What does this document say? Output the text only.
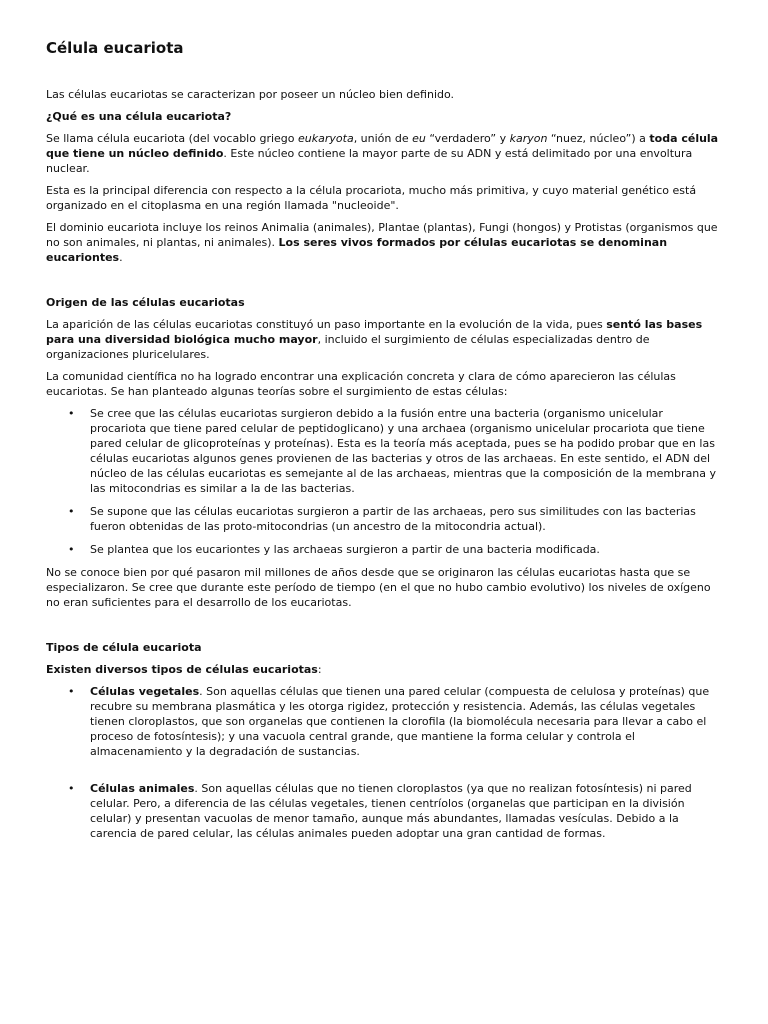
Célula eucariota

Las células eucariotas se caracterizan por poseer un núcleo bien definido.

¿Qué es una célula eucariota?

Se llama célula eucariota (del vocablo griego eukaryota, unión de eu “verdadero” y karyon “nuez, núcleo”) a toda célula que tiene un núcleo definido. Este núcleo contiene la mayor parte de su ADN y está delimitado por una envoltura nuclear.

Esta es la principal diferencia con respecto a la célula procariota, mucho más primitiva, y cuyo material genético está organizado en el citoplasma en una región llamada "nucleoide".

El dominio eucariota incluye los reinos Animalia (animales), Plantae (plantas), Fungi (hongos) y Protistas (organismos que no son animales, ni plantas, ni animales). Los seres vivos formados por células eucariotas se denominan eucariontes.

Origen de las células eucariotas

La aparición de las células eucariotas constituyó un paso importante en la evolución de la vida, pues sentó las bases para una diversidad biológica mucho mayor, incluido el surgimiento de células especializadas dentro de organizaciones pluricelulares.

La comunidad científica no ha logrado encontrar una explicación concreta y clara de cómo aparecieron las células eucariotas. Se han planteado algunas teorías sobre el surgimiento de estas células:

• Se cree que las células eucariotas surgieron debido a la fusión entre una bacteria (organismo unicelular procariota que tiene pared celular de peptidoglicano) y una archaea (organismo unicelular procariota que tiene pared celular de glicoproteínas y proteínas). Esta es la teoría más aceptada, pues se ha podido probar que en las células eucariotas algunos genes provienen de las bacterias y otros de las archaeas. En este sentido, el ADN del núcleo de las células eucariotas es semejante al de las archaeas, mientras que la composición de la membrana y las mitocondrias es similar a la de las bacterias.
• Se supone que las células eucariotas surgieron a partir de las archaeas, pero sus similitudes con las bacterias fueron obtenidas de las proto-mitocondrias (un ancestro de la mitocondria actual).
• Se plantea que los eucariontes y las archaeas surgieron a partir de una bacteria modificada.

No se conoce bien por qué pasaron mil millones de años desde que se originaron las células eucariotas hasta que se especializaron. Se cree que durante este período de tiempo (en el que no hubo cambio evolutivo) los niveles de oxígeno no eran suficientes para el desarrollo de los eucariotas.

Tipos de célula eucariota

Existen diversos tipos de células eucariotas:

• Células vegetales. Son aquellas células que tienen una pared celular (compuesta de celulosa y proteínas) que recubre su membrana plasmática y les otorga rigidez, protección y resistencia. Además, las células vegetales tienen cloroplastos, que son organelas que contienen la clorofila (la biomolécula necesaria para llevar a cabo el proceso de fotosíntesis); y una vacuola central grande, que mantiene la forma celular y controla el almacenamiento y la degradación de sustancias.
• Células animales. Son aquellas células que no tienen cloroplastos (ya que no realizan fotosíntesis) ni pared celular. Pero, a diferencia de las células vegetales, tienen centríolos (organelas que participan en la división celular) y presentan vacuolas de menor tamaño, aunque más abundantes, llamadas vesículas. Debido a la carencia de pared celular, las células animales pueden adoptar una gran cantidad de formas.
